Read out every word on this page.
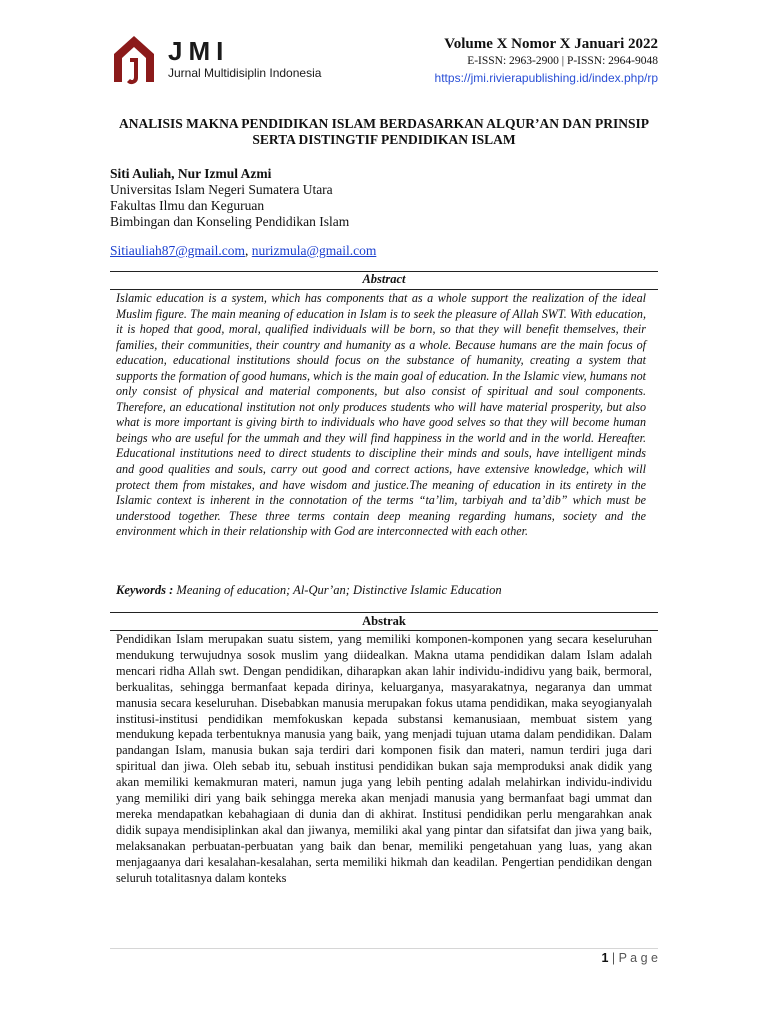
JMI
Jurnal Multidisiplin Indonesia
Volume X Nomor X Januari 2022
E-ISSN: 2963-2900 | P-ISSN: 2964-9048
https://jmi.rivierapublishing.id/index.php/rp
ANALISIS MAKNA PENDIDIKAN ISLAM BERDASARKAN ALQUR’AN DAN PRINSIP SERTA DISTINGTIF PENDIDIKAN ISLAM
Siti Auliah, Nur Izmul Azmi
Universitas Islam Negeri Sumatera Utara
Fakultas Ilmu dan Keguruan
Bimbingan dan Konseling Pendidikan Islam
Sitiauliah87@gmail.com, nurizmula@gmail.com
Abstract
Islamic education is a system, which has components that as a whole support the realization of the ideal Muslim figure. The main meaning of education in Islam is to seek the pleasure of Allah SWT. With education, it is hoped that good, moral, qualified individuals will be born, so that they will benefit themselves, their families, their communities, their country and humanity as a whole. Because humans are the main focus of education, educational institutions should focus on the substance of humanity, creating a system that supports the formation of good humans, which is the main goal of education. In the Islamic view, humans not only consist of physical and material components, but also consist of spiritual and soul components. Therefore, an educational institution not only produces students who will have material prosperity, but also what is more important is giving birth to individuals who have good selves so that they will become human beings who are useful for the ummah and they will find happiness in the world and in the world. Hereafter. Educational institutions need to direct students to discipline their minds and souls, have intelligent minds and good qualities and souls, carry out good and correct actions, have extensive knowledge, which will protect them from mistakes, and have wisdom and justice.The meaning of education in its entirety in the Islamic context is inherent in the connotation of the terms “ta’lim, tarbiyah and ta’dib” which must be understood together. These three terms contain deep meaning regarding humans, society and the environment which in their relationship with God are interconnected with each other.
Keywords : Meaning of education; Al-Qur’an; Distinctive Islamic Education
Abstrak
Pendidikan Islam merupakan suatu sistem, yang memiliki komponen-komponen yang secara keseluruhan mendukung terwujudnya sosok muslim yang diidealkan. Makna utama pendidikan dalam Islam adalah mencari ridha Allah swt. Dengan pendidikan, diharapkan akan lahir individu-indidivu yang baik, bermoral, berkualitas, sehingga bermanfaat kepada dirinya, keluarganya, masyarakatnya, negaranya dan ummat manusia secara keseluruhan. Disebabkan manusia merupakan fokus utama pendidikan, maka seyogianyalah institusi-institusi pendidikan memfokuskan kepada substansi kemanusiaan, membuat sistem yang mendukung kepada terbentuknya manusia yang baik, yang menjadi tujuan utama dalam pendidikan. Dalam pandangan Islam, manusia bukan saja terdiri dari komponen fisik dan materi, namun terdiri juga dari spiritual dan jiwa. Oleh sebab itu, sebuah institusi pendidikan bukan saja memproduksi anak didik yang akan memiliki kemakmuran materi, namun juga yang lebih penting adalah melahirkan individu-individu yang memiliki diri yang baik sehingga mereka akan menjadi manusia yang bermanfaat bagi ummat dan mereka mendapatkan kebahagiaan di dunia dan di akhirat. Institusi pendidikan perlu mengarahkan anak didik supaya mendisiplinkan akal dan jiwanya, memiliki akal yang pintar dan sifatsifat dan jiwa yang baik, melaksanakan perbuatan-perbuatan yang baik dan benar, memiliki pengetahuan yang luas, yang akan menjagaanya dari kesalahan-kesalahan, serta memiliki hikmah dan keadilan. Pengertian pendidikan dengan seluruh totalitasnya dalam konteks
1 | P a g e
